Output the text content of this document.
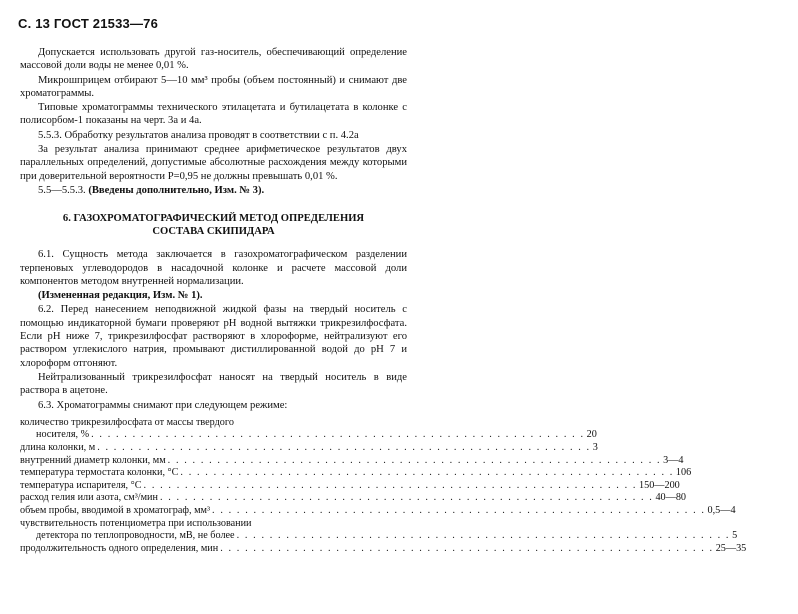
С. 13 ГОСТ 21533—76

Допускается использовать другой газ-носитель, обеспечивающий определение массовой доли воды не менее 0,01 %.

Микрошприцем отбирают 5—10 мм³ пробы (объем постоянный) и снимают две хроматограммы.

Типовые хроматограммы технического этилацетата и бутилацетата в колонке с полисорбом-1 показаны на черт. 3а и 4а.

5.5.3. Обработку результатов анализа проводят в соответствии с п. 4.2а

За результат анализа принимают среднее арифметическое результатов двух параллельных определений, допустимые абсолютные расхождения между которыми при доверительной вероятности P=0,95 не должны превышать 0,01 %.

5.5—5.5.3. (Введены дополнительно, Изм. № 3).

6. ГАЗОХРОМАТОГРАФИЧЕСКИЙ МЕТОД ОПРЕДЕЛЕНИЯ
СОСТАВА СКИПИДАРА

6.1. Сущность метода заключается в газохроматографическом разделении терпеновых углеводородов в насадочной колонке и расчете массовой доли компонентов методом внутренней нормализации.

(Измененная редакция, Изм. № 1).

6.2. Перед нанесением неподвижной жидкой фазы на твердый носитель с помощью индикаторной бумаги проверяют pH водной вытяжки трикрезилфосфата. Если pH ниже 7, трикрезилфосфат растворяют в хлороформе, нейтрализуют его раствором углекислого натрия, промывают дистиллированной водой до pH 7 и хлороформ отгоняют.

Нейтрализованный трикрезилфосфат наносят на твердый носитель в виде раствора в ацетоне.

6.3. Хроматограммы снимают при следующем режиме:

количество трикрезилфосфата от массы твердого
носителя, % . . . . . . . . . . . . . . . . . . . . . . . . . . . . . . . . . . . . . . . . . . . . . . . . . . . . . . . . . . . . 20
длина колонки, м . . . . . . . . . . . . . . . . . . . . . . . . . . . . . . . . . . . . . . . . . . . . . . . . . . . . . . . . . . . . 3
внутренний диаметр колонки, мм . . . . . . . . . . . . . . . . . . . . . . . . . . . . . . . . . . . . . . . . . . . . . . . . . . . . . . . . . . . . 3—4
температура термостата колонки, °С . . . . . . . . . . . . . . . . . . . . . . . . . . . . . . . . . . . . . . . . . . . . . . . . . . . . . . . . . . . . 106
температура испарителя, °С . . . . . . . . . . . . . . . . . . . . . . . . . . . . . . . . . . . . . . . . . . . . . . . . . . . . . . . . . . . . 150—200
расход гелия или азота, см³/мин . . . . . . . . . . . . . . . . . . . . . . . . . . . . . . . . . . . . . . . . . . . . . . . . . . . . . . . . . . . . 40—80
объем пробы, вводимой в хроматограф, мм³ . . . . . . . . . . . . . . . . . . . . . . . . . . . . . . . . . . . . . . . . . . . . . . . . . . . . . . . . . . . . 0,5—4
чувствительность потенциометра при использовании
детектора по теплопроводности, мВ, не более . . . . . . . . . . . . . . . . . . . . . . . . . . . . . . . . . . . . . . . . . . . . . . . . . . . . . . . . . . . . 5
продолжительность одного определения, мин . . . . . . . . . . . . . . . . . . . . . . . . . . . . . . . . . . . . . . . . . . . . . . . . . . . . . . . . . . . . 25—35
